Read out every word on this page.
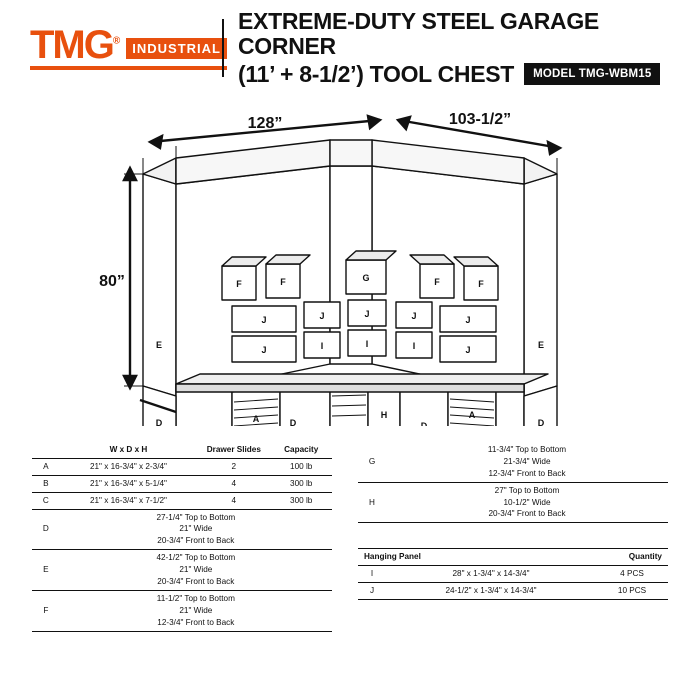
TMG® INDUSTRIAL
EXTREME-DUTY STEEL GARAGE CORNER
(11’ + 8-1/2’) TOOL CHEST	MODEL TMG-WBM15
128”	103-1/2”
80”	F	F	G	F	F
J
J
J
I
J
I
J
I
J
J
E	E
D	D
D	D
H
A	A
	W x D x H	Drawer Slides	Capacity
A	21" x 16-3/4" x 2-3/4"	2	100 lb
B	21" x 16-3/4" x 5-1/4"	4	300 lb
C	21" x 16-3/4" x 7-1/2"	4	300 lb
D	27-1/4" Top to Bottom
21" Wide
20-3/4" Front to Back		

E	42-1/2" Top to Bottom
21" Wide
20-3/4" Front to Back		

F	11-1/2" Top to Bottom
21" Wide
12-3/4" Front to Back		
G	11-3/4" Top to Bottom
21-3/4" Wide
12-3/4" Front to Back	

H	27" Top to Bottom
10-1/2" Wide
20-3/4" Front to Back	

Hanging Panel		Quantity
I	28" x 1-3/4" x 14-3/4"	4 PCS
J	24-1/2" x 1-3/4" x 14-3/4"	10 PCS
